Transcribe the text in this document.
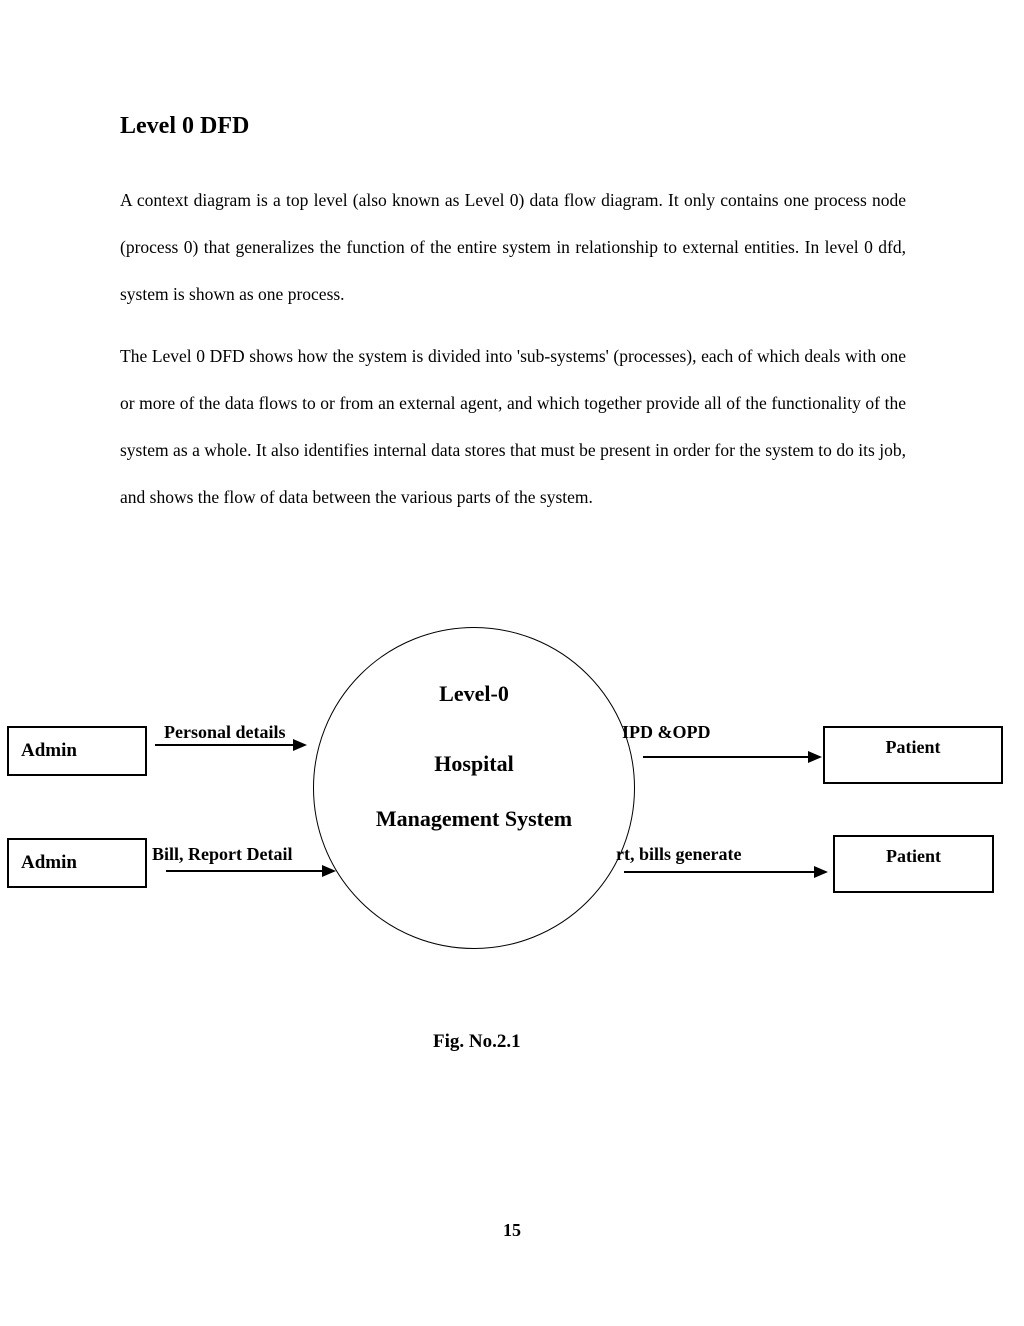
Level 0 DFD

A context diagram is a top level (also known as Level 0) data flow diagram. It only contains one process node (process 0) that generalizes the function of the entire system in relationship to external entities. In level 0 dfd, system is shown as one process.

The Level 0 DFD shows how the system is divided into 'sub-systems' (processes), each of which deals with one or more of the data flows to or from an external agent, and which together provide all of the functionality of the system as a whole. It also identifies internal data stores that must be present in order for the system to do its job, and shows the flow of data between the various parts of the system.

Level-0
Hospital
Management System
Admin
Admin
Patient
Patient
Personal details
Bill, Report Detail
IPD &OPD
rt, bills generate
Fig. No.2.1
15
